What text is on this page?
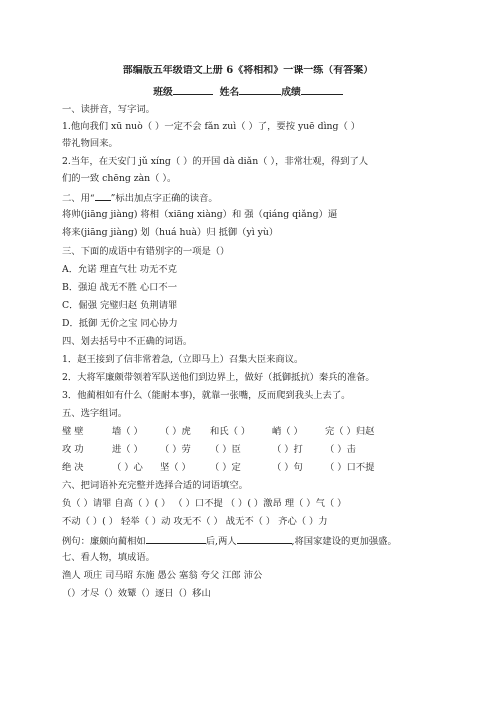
部编版五年级语文上册 6《将相和》一课一练（有答案）
班级	姓名	成绩
一、读拼音，写字词。
1.他向我们 xū nuò（ ）一定不会 fǎn zuì（ ）了，要按 yuē dìng（ ）
带礼物回来。
2.当年，在天安门 jǔ xíng（ ）的开国 dà diǎn（ ），非常壮观，得到了人
们的一致 chēng zàn（ ）。
二、用“ ”标出加点字正确的读音。
将帅(jiāng jiàng) 将相（xiāng xiàng）和 强（qiáng qiǎng）逼
将来(jiāng jiàng) 划（huá huà）归 抵御（yì yù）
三、下面的成语中有错别字的一项是（）
A．允诺 理直气壮 功无不克
B．强迫 战无不胜 心口不一
C．倔强 完璧归赵 负荆请罪
D．抵御 无价之宝 同心协力
四、划去括号中不正确的词语。
1．赵王接到了信非常着急,（立即马上）召集大臣来商议。
2．大将军廉颇带领着军队送他们到边界上，做好（抵御抵抗）秦兵的准备。
3．他蔺相如有什么（能耐本事)，就靠一张嘴，反而爬到我头上去了。
五、选字组词。
璧 壁	墙（ ） （ ）虎 和氏（ ） 峭（ ） 完（ ）归赵
攻 功	进（ ） （ ）劳 （ ）臣	（ ）打 （ ）击
绝 决	（ ）心 坚（ ） （ ）定	（ ）句 （ ）口不提
六、把词语补充完整并选择合适的词语填空。
负（ ）请罪 自高（ ）( ） （ ）口不提 （ ）( ）激昂 理（ ）气（ ）
不动（ ）( ） 轻举（ ）动 攻无不（ ） 战无不（ ） 齐心（ ）力
例句：廉颇向蔺相如	后,两人	,将国家建设的更加强盛。
七、看人物，填成语。
渔人 项庄 司马昭 东施 愚公 塞翁 夸父 江郎 沛公
（）才尽（）效颦（）逐日（）移山
